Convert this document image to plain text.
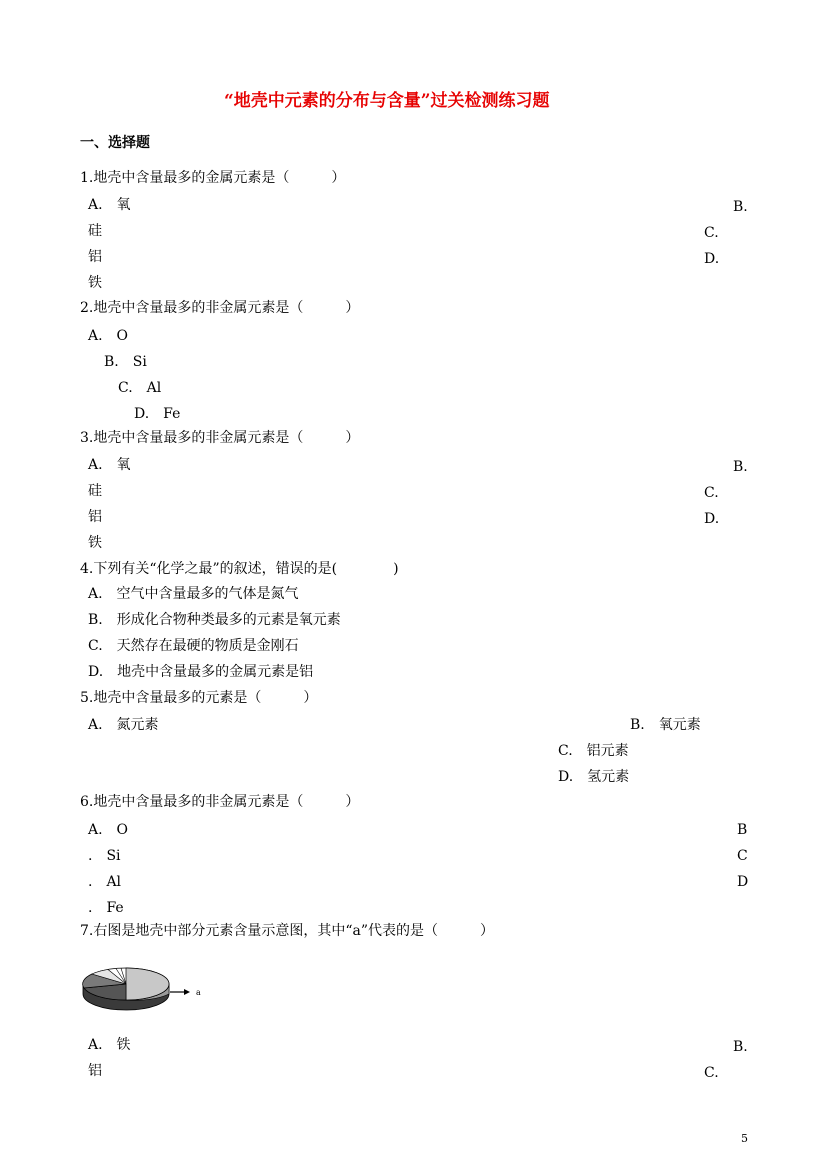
“地壳中元素的分布与含量”过关检测练习题
一、选择题
1.地壳中含量最多的金属元素是（　　　）
A.　氧	B.
硅	C.
铝	D.
铁
2.地壳中含量最多的非金属元素是（　　　）
A.　O
B.　Si
C.　Al
D.　Fe
3.地壳中含量最多的非金属元素是（　　　）
A.　氧	B.
硅	C.
铝	D.
铁
4.下列有关“化学之最”的叙述，错误的是(　　　　)
A.　空气中含量最多的气体是氮气
B.　形成化合物种类最多的元素是氧元素
C.　天然存在最硬的物质是金刚石
D.　地壳中含量最多的金属元素是铝
5.地壳中含量最多的元素是（　　　）
A.　氮元素	B.　氧元素
C.　铝元素
D.　氢元素
6.地壳中含量最多的非金属元素是（　　　）
A.　O	B
.　Si	C
.　Al	D
.　Fe
7.右图是地壳中部分元素含量示意图，其中“a”代表的是（　　　）
a
A.　铁	B.
铝	C.
5
